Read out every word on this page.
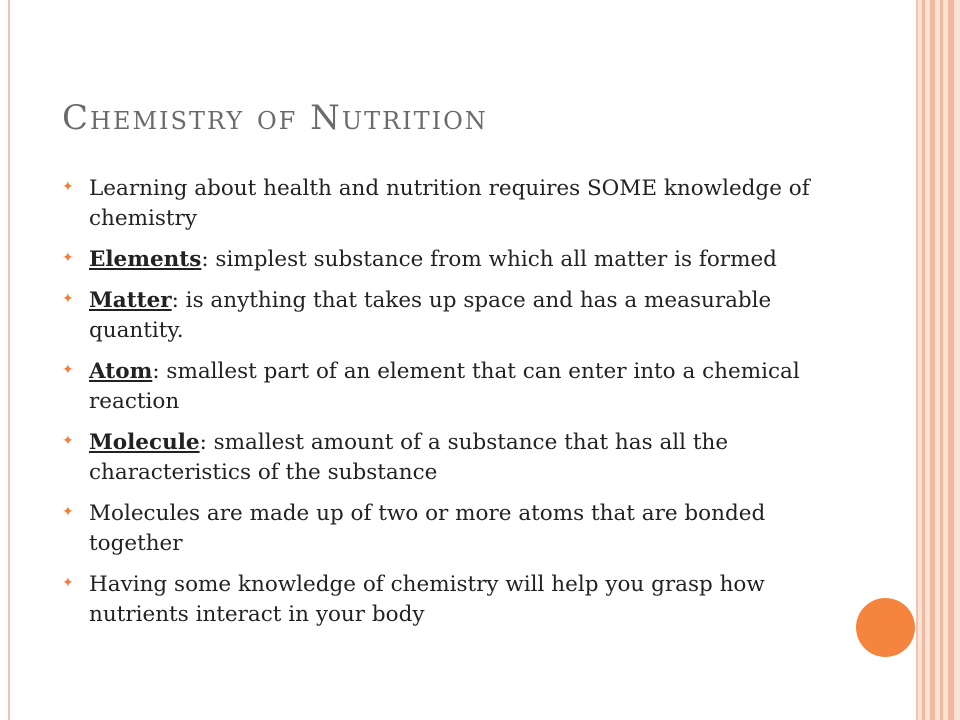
Chemistry of Nutrition
✦ Learning about health and nutrition requires SOME knowledge of chemistry
✦ Elements: simplest substance from which all matter is formed
✦ Matter: is anything that takes up space and has a measurable quantity.
✦ Atom: smallest part of an element that can enter into a chemical reaction
✦ Molecule: smallest amount of a substance that has all the characteristics of the substance
✦ Molecules are made up of two or more atoms that are bonded together
✦ Having some knowledge of chemistry will help you grasp how nutrients interact in your body
